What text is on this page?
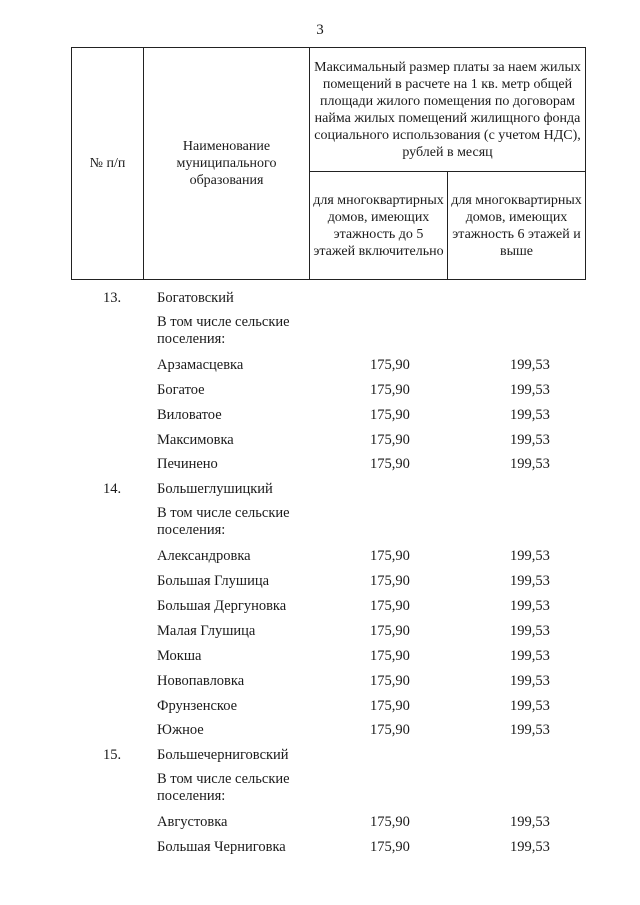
3
№ п/п	Наименование муниципального образования	Максимальный размер платы за наем жилых помещений в расчете на 1 кв. метр общей площади жилого помещения по договорам найма жилых помещений жилищного фонда социального использования (с учетом НДС), рублей в месяц	
		для многоквартирных домов, имеющих этажность до 5 этажей включительно	для многоквартирных домов, имеющих этажность 6 этажей и выше
13. Богатовский
В том числе сельские поселения:
Арзамасцевка	175,90	199,53
Богатое	175,90	199,53
Виловатое	175,90	199,53
Максимовка	175,90	199,53
Печинено	175,90	199,53
14. Большеглушицкий
В том числе сельские поселения:
Александровка	175,90	199,53
Большая Глушица	175,90	199,53
Большая Дергуновка	175,90	199,53
Малая Глушица	175,90	199,53
Мокша	175,90	199,53
Новопавловка	175,90	199,53
Фрунзенское	175,90	199,53
Южное	175,90	199,53
15. Большечерниговский
В том числе сельские поселения:
Августовка	175,90	199,53
Большая Черниговка	175,90	199,53
